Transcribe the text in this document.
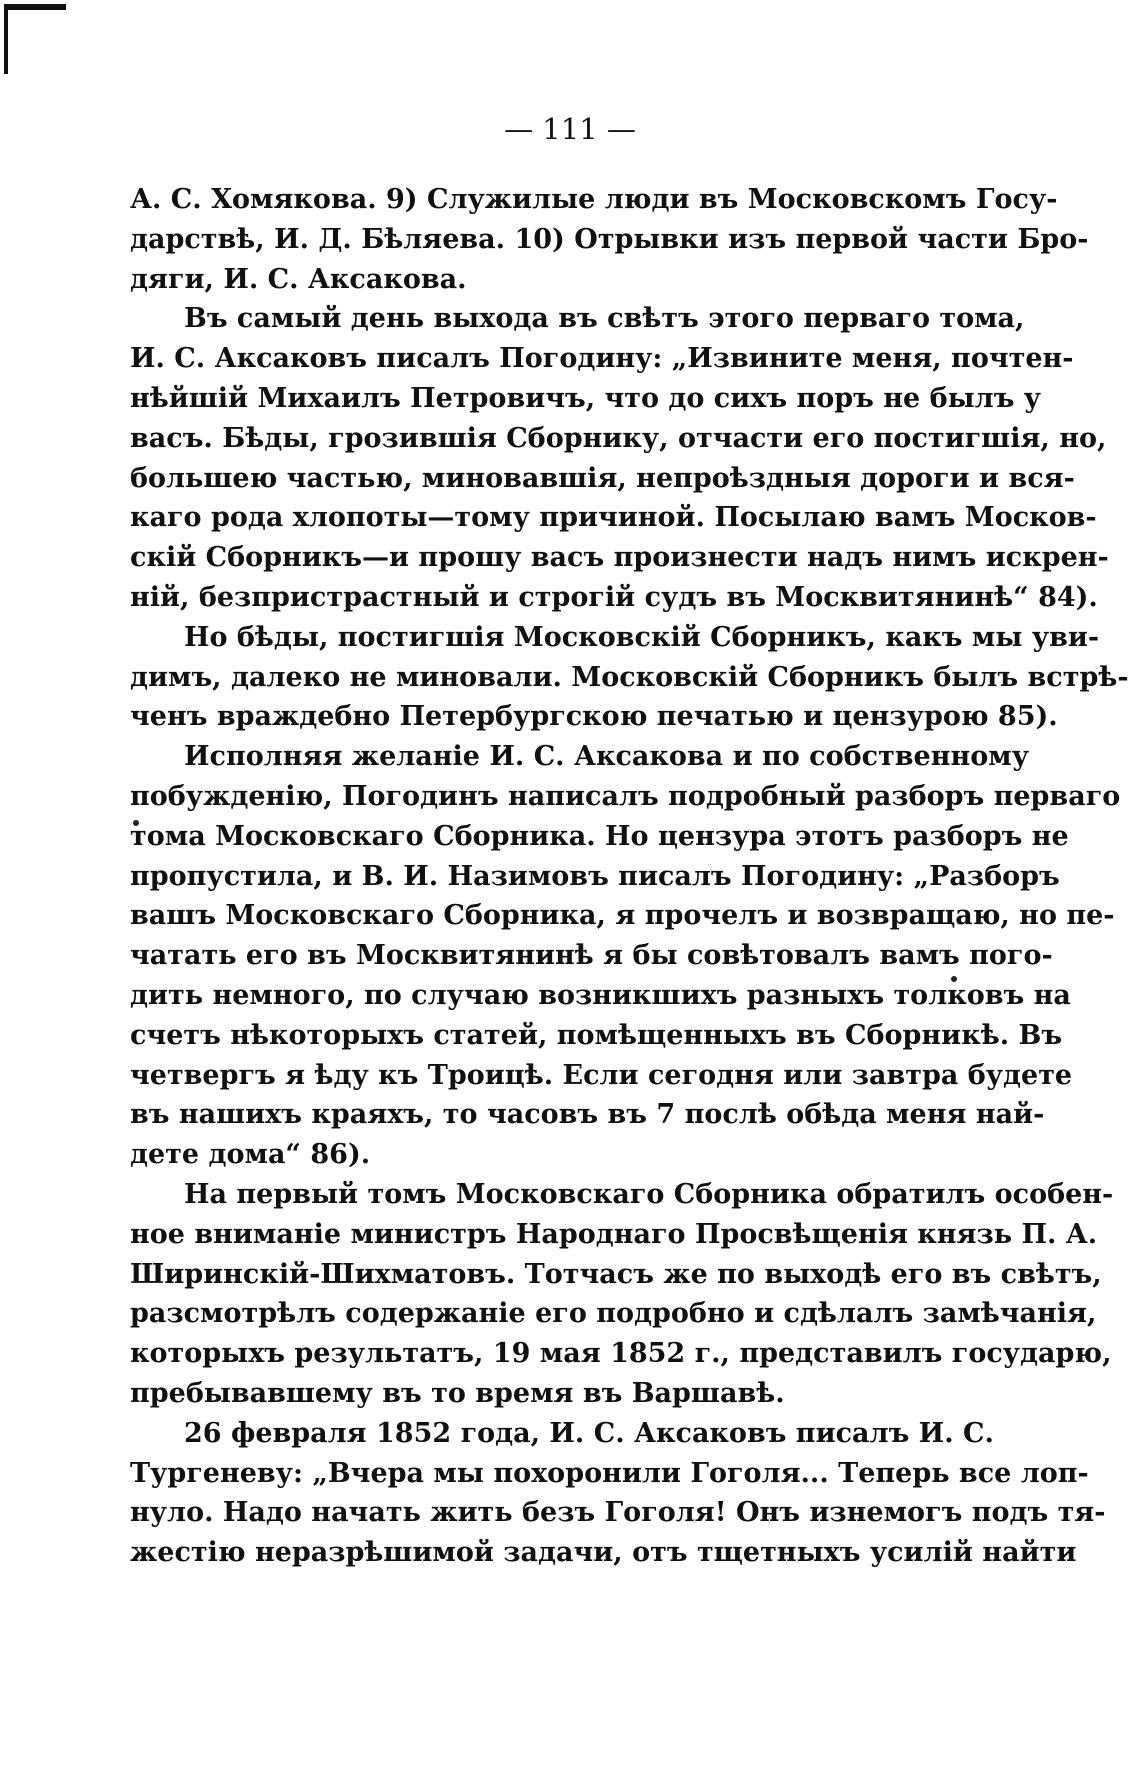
— 111 —
А. С. Хомякова. 9) Служилые люди въ Московскомъ Госу-
дарствѣ, И. Д. Бѣляева. 10) Отрывки изъ первой части Бро-
дяги, И. С. Аксакова.
Въ самый день выхода въ свѣтъ этого перваго тома,
И. С. Аксаковъ писалъ Погодину: „Извините меня, почтен-
нѣйшій Михаилъ Петровичъ, что до сихъ поръ не былъ у
васъ. Бѣды, грозившія Сборнику, отчасти его постигшія, но,
большею частью, миновавшія, непроѣздныя дороги и вся-
каго рода хлопоты—тому причиной. Посылаю вамъ Москов-
скій Сборникъ—и прошу васъ произнести надъ нимъ искрен-
ній, безпристрастный и строгій судъ въ Москвитянинѣ“ 84).
Но бѣды, постигшія Московскій Сборникъ, какъ мы уви-
димъ, далеко не миновали. Московскій Сборникъ былъ встрѣ-
ченъ враждебно Петербургскою печатью и цензурою 85).
Исполняя желаніе И. С. Аксакова и по собственному
побужденію, Погодинъ написалъ подробный разборъ перваго
тома Московскаго Сборника. Но цензура этотъ разборъ не
пропустила, и В. И. Назимовъ писалъ Погодину: „Разборъ
вашъ Московскаго Сборника, я прочелъ и возвращаю, но пе-
чатать его въ Москвитянинѣ я бы совѣтовалъ вамъ пого-
дить немного, по случаю возникшихъ разныхъ толковъ на
счетъ нѣкоторыхъ статей, помѣщенныхъ въ Сборникѣ. Въ
четвергъ я ѣду къ Троицѣ. Если сегодня или завтра будете
въ нашихъ краяхъ, то часовъ въ 7 послѣ обѣда меня най-
дете дома“ 86).
На первый томъ Московскаго Сборника обратилъ особен-
ное вниманіе министръ Народнаго Просвѣщенія князь П. А.
Ширинскій-Шихматовъ. Тотчасъ же по выходѣ его въ свѣтъ,
разсмотрѣлъ содержаніе его подробно и сдѣлалъ замѣчанія,
которыхъ результатъ, 19 мая 1852 г., представилъ государю,
пребывавшему въ то время въ Варшавѣ.
26 февраля 1852 года, И. С. Аксаковъ писалъ И. С.
Тургеневу: „Вчера мы похоронили Гоголя... Теперь все лоп-
нуло. Надо начать жить безъ Гоголя! Онъ изнемогъ подъ тя-
жестію неразрѣшимой задачи, отъ тщетныхъ усилій найти
